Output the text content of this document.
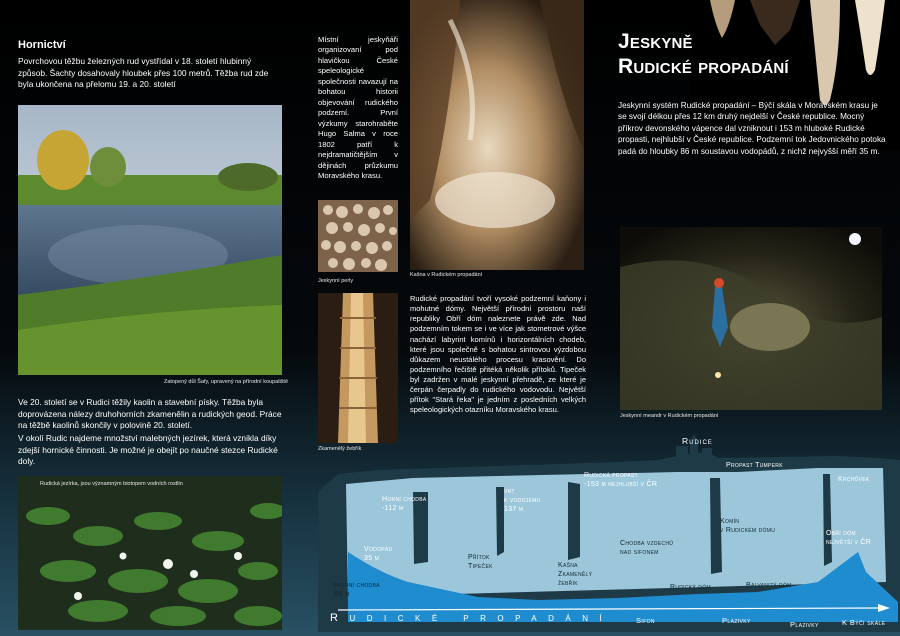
Hornictví
Povrchovou těžbu železných rud vystřídal v 18. století hlubinný způsob. Šachty dosahovaly hloubek přes 100 metrů. Těžba rud zde byla ukončena na přelomu 19. a 20. století
Zatopený důl Šafy, upravený na přírodní koupaliště
Ve 20. století se v Rudici těžily kaolin a stavební písky. Těžba byla doprovázena nálezy druhohorních zkamenělin a rudických geod. Práce na těžbě kaolinů skončily v polovině 20. století.
V okolí Rudic najdeme množství malebných jezírek, která vznikla díky zdejší hornické činnosti. Je možné je obejít po naučné stezce Rudické doly.
Rudická jezírka, jsou významným biotopem vodních rostlin
Místní jeskyňáři organizovaní pod hlavičkou České speleologické společnosti navazují na bohatou historii objevování rudického podzemí. První výzkumy starohraběte Hugo Salma v roce 1802 patří k nejdramatičtějším v dějinách průzkumu Moravského krasu.
Kašna v Rudickém propadání
Jeskynní perly
Zkamenělý žebřík
Rudické propadání tvoří vysoké podzemní kaňony i mohutné dómy. Největší přírodní prostoru naší republiky Obří dóm naleznete právě zde. Nad podzemním tokem se i ve více jak stometrové výšce nachází labyrint komínů i horizontálních chodeb, které jsou společně s bohatou sintrovou výzdobou důkazem neustálého procesu krasovění. Do podzemního řečiště přitéká několik přítoků. Tipeček byl zadržen v malé jeskynní přehradě, ze které je čerpán čerpadly do rudického vodovodu. Největší přítok "Stará řeka" je jedním z posledních velkých speleologických otazníku Moravského krasu.
Jeskyně
Rudické propadání
Jeskynní systém Rudické propadání – Býčí skála v Moravském krasu je se svojí délkou přes 12 km druhý nejdelší v České republice. Mocný příkrov devonského vápence dal vzniknout i 153 m hluboké Rudické propasti, nejhlubší v České republice. Podzemní tok Jedovnického potoka padá do hloubky 86 m soustavou vodopádů, z nichž nejvyšší měří 35 m.
Jeskynní meandr v Rudickém propadání
Rudice
Horní chodba
-112 m
vrt
k vodojemu
137 m
Rudická propast
-153 m nejhlubší v ČR
Propast Tumperk
Krchůvek
Vodopád
35 m	Přítok
Tipeček	Kašna
Zkamenělý
žebřík
Chodba vzdechů
nad sifonem
Komín
v Rudickém dómu	Obří dóm
největší v ČR
Spodní chodba
-86 m
Rudický dóm	Balvanitý dóm
Sifon	Plazivky	Plazivky	K Býčí skále
Rudické propadání
